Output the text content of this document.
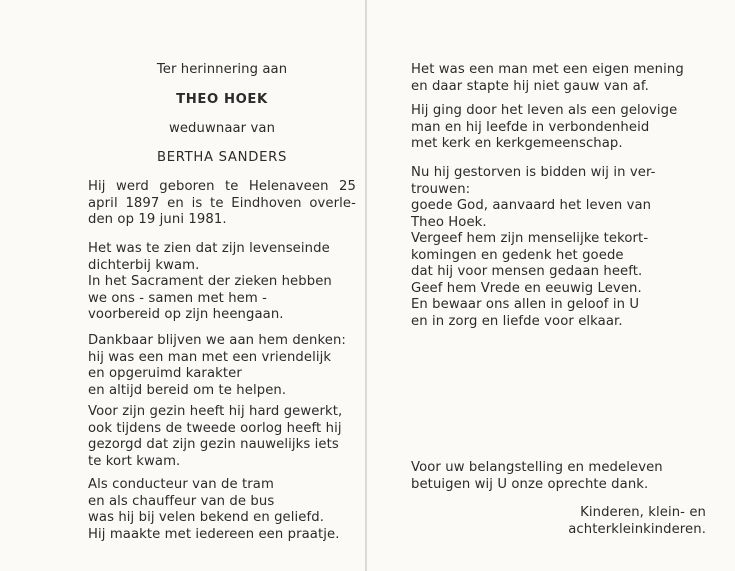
Ter herinnering aan
THEO HOEK
weduwnaar van
BERTHA SANDERS
Hij werd geboren te Helenaveen 25
april 1897 en is te Eindhoven overle-
den op 19 juni 1981.
Het was te zien dat zijn levenseinde
dichterbij kwam.
In het Sacrament der zieken hebben
we ons - samen met hem -
voorbereid op zijn heengaan.
Dankbaar blijven we aan hem denken:
hij was een man met een vriendelijk
en opgeruimd karakter
en altijd bereid om te helpen.
Voor zijn gezin heeft hij hard gewerkt,
ook tijdens de tweede oorlog heeft hij
gezorgd dat zijn gezin nauwelijks iets
te kort kwam.
Als conducteur van de tram
en als chauffeur van de bus
was hij bij velen bekend en geliefd.
Hij maakte met iedereen een praatje.
Het was een man met een eigen mening
en daar stapte hij niet gauw van af.
Hij ging door het leven als een gelovige
man en hij leefde in verbondenheid
met kerk en kerkgemeenschap.
Nu hij gestorven is bidden wij in ver-
trouwen:
goede God, aanvaard het leven van
Theo Hoek.
Vergeef hem zijn menselijke tekort-
komingen en gedenk het goede
dat hij voor mensen gedaan heeft.
Geef hem Vrede en eeuwig Leven.
En bewaar ons allen in geloof in U
en in zorg en liefde voor elkaar.
Voor uw belangstelling en medeleven
betuigen wij U onze oprechte dank.
Kinderen, klein- en
achterkleinkinderen.
